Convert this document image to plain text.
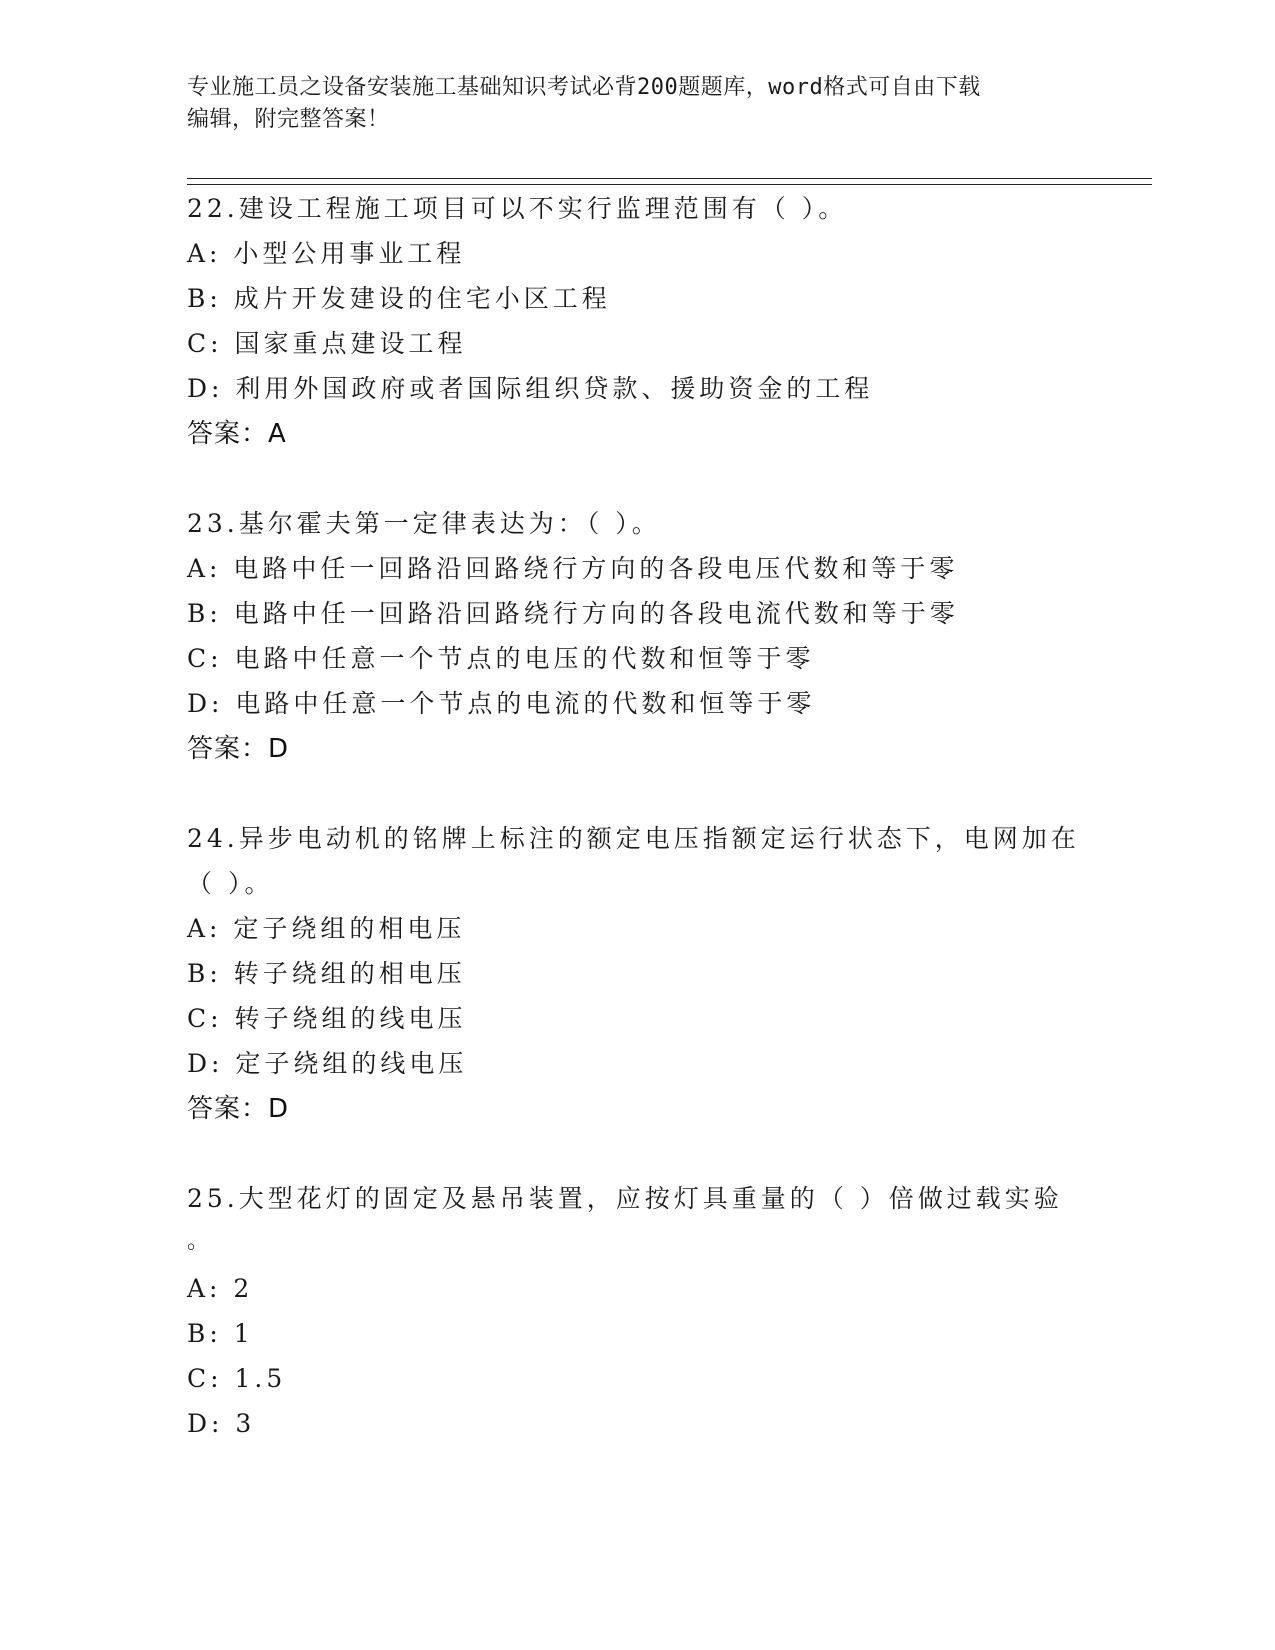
专业施工员之设备安装施工基础知识考试必背200题题库，word格式可自由下载
编辑，附完整答案！
22.建设工程施工项目可以不实行监理范围有（ ）。
A: 小型公用事业工程
B: 成片开发建设的住宅小区工程
C: 国家重点建设工程
D: 利用外国政府或者国际组织贷款、援助资金的工程
答案：A
23.基尔霍夫第一定律表达为：（ ）。
A: 电路中任一回路沿回路绕行方向的各段电压代数和等于零
B: 电路中任一回路沿回路绕行方向的各段电流代数和等于零
C: 电路中任意一个节点的电压的代数和恒等于零
D: 电路中任意一个节点的电流的代数和恒等于零
答案：D
24.异步电动机的铭牌上标注的额定电压指额定运行状态下，电网加在
（ ）。
A: 定子绕组的相电压
B: 转子绕组的相电压
C: 转子绕组的线电压
D: 定子绕组的线电压
答案：D
25.大型花灯的固定及悬吊装置，应按灯具重量的（ ）倍做过载实验
。
A: 2
B: 1
C: 1.5
D: 3
